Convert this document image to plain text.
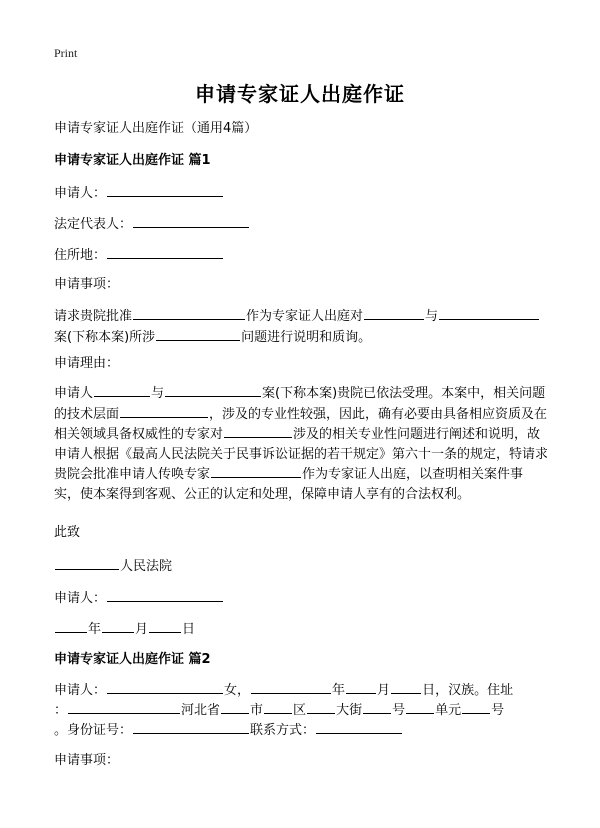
Print
申请专家证人出庭作证
申请专家证人出庭作证（通用4篇）
申请专家证人出庭作证 篇1
申请人：
法定代表人：
住所地：
申请事项：
请求贵院批准	作为专家证人出庭对	与
案(下称本案)所涉	问题进行说明和质询。
申请理由：
申请人	与	案(下称本案)贵院已依法受理。本案中，相关问题的技术层面	，涉及的专业性较强，因此，确有必要由具备相应资质及在相关领域具备权威性的专家对	涉及的相关专业性问题进行阐述和说明，故申请人根据《最高人民法院关于民事诉讼证据的若干规定》第六十一条的规定，特请求贵院会批准申请人传唤专家	作为专家证人出庭，以查明相关案件事实，使本案得到客观、公正的认定和处理，保障申请人享有的合法权利。
此致
人民法院
申请人：
年	月	日
申请专家证人出庭作证 篇2
申请人：	女，	年 月 日，汉族。住址
：	河北省 市 区 大街 号 单元 号
。身份证号：	联系方式：
申请事项：
